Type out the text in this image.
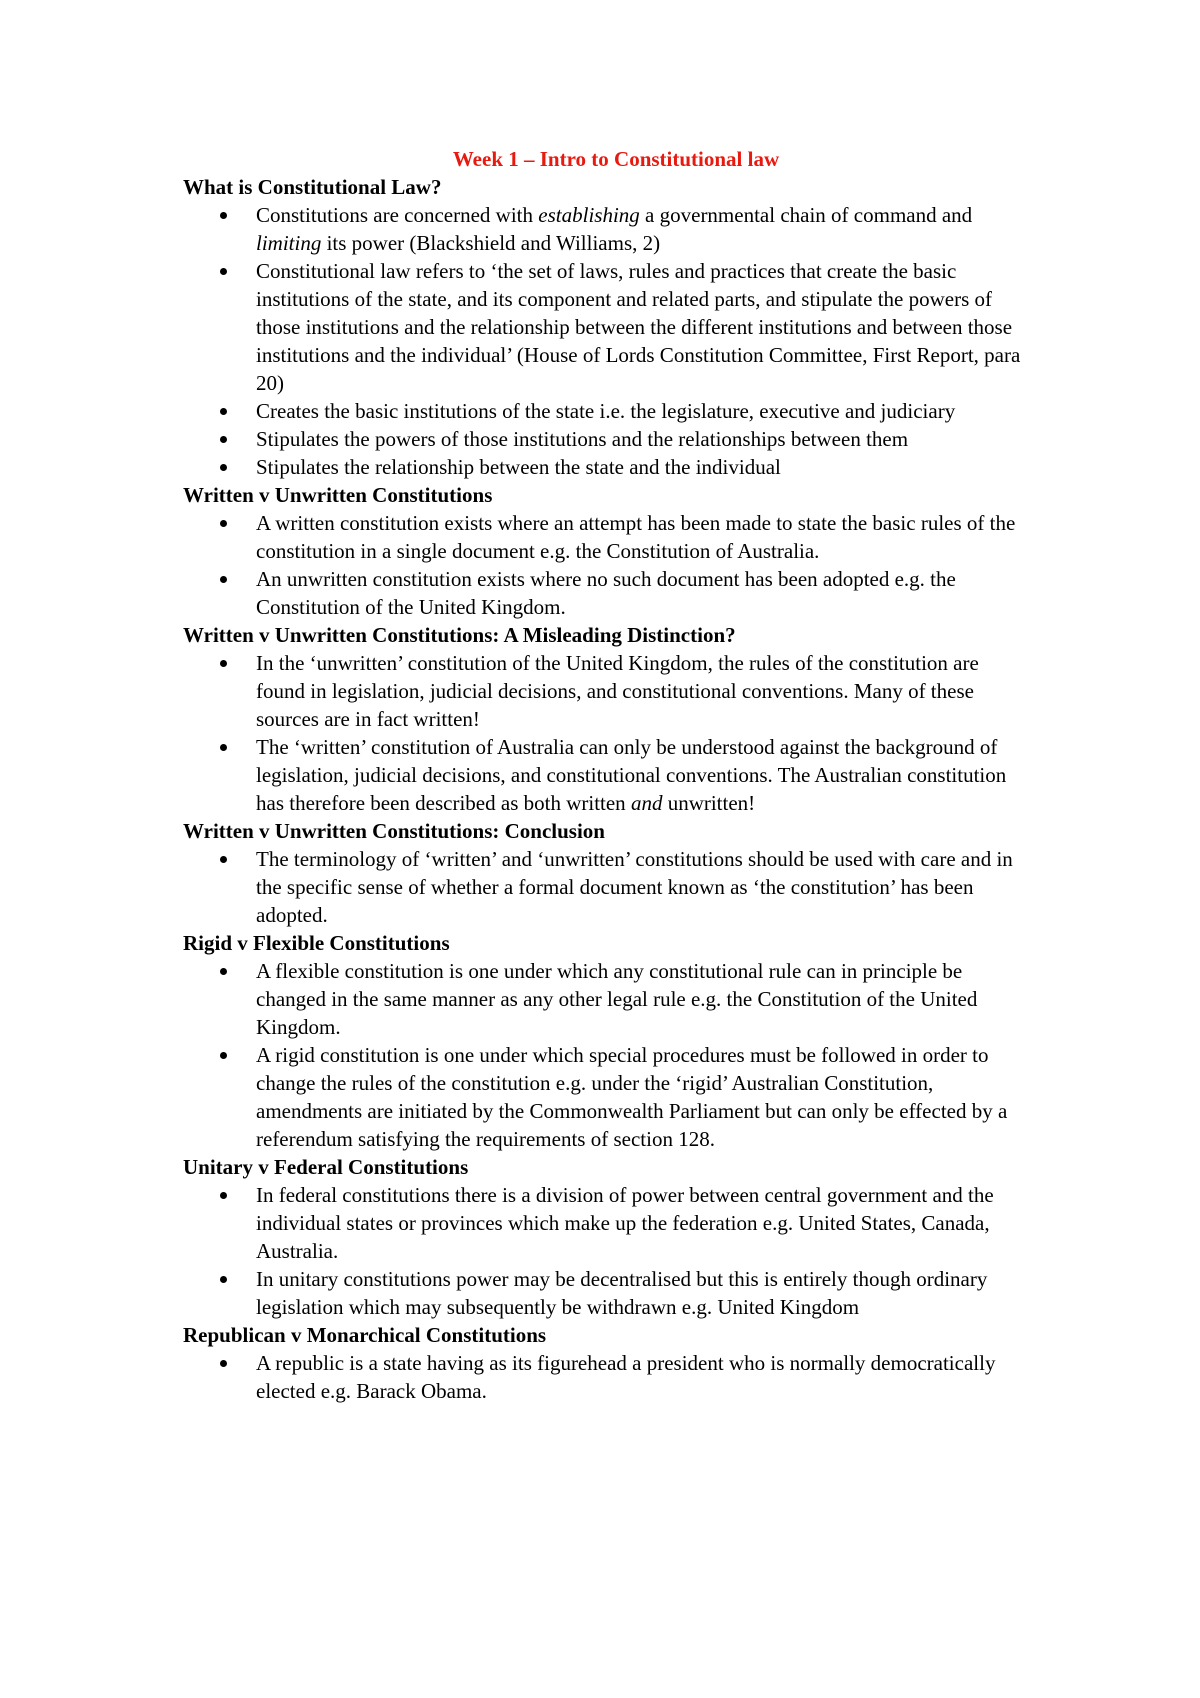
Week 1 – Intro to Constitutional law
What is Constitutional Law?
Constitutions are concerned with establishing a governmental chain of command and limiting its power (Blackshield and Williams, 2)
Constitutional law refers to ‘the set of laws, rules and practices that create the basic institutions of the state, and its component and related parts, and stipulate the powers of those institutions and the relationship between the different institutions and between those institutions and the individual’ (House of Lords Constitution Committee, First Report, para 20)
Creates the basic institutions of the state i.e. the legislature, executive and judiciary
Stipulates the powers of those institutions and the relationships between them
Stipulates the relationship between the state and the individual
Written v Unwritten Constitutions
A written constitution exists where an attempt has been made to state the basic rules of the constitution in a single document e.g. the Constitution of Australia.
An unwritten constitution exists where no such document has been adopted e.g. the Constitution of the United Kingdom.
Written v Unwritten Constitutions: A Misleading Distinction?
In the ‘unwritten’ constitution of the United Kingdom, the rules of the constitution are found in legislation, judicial decisions, and constitutional conventions. Many of these sources are in fact written!
The ‘written’ constitution of Australia can only be understood against the background of legislation, judicial decisions, and constitutional conventions. The Australian constitution has therefore been described as both written and unwritten!
Written v Unwritten Constitutions: Conclusion
The terminology of ‘written’ and ‘unwritten’ constitutions should be used with care and in the specific sense of whether a formal document known as ‘the constitution’ has been adopted.
Rigid v Flexible Constitutions
A flexible constitution is one under which any constitutional rule can in principle be changed in the same manner as any other legal rule e.g. the Constitution of the United Kingdom.
A rigid constitution is one under which special procedures must be followed in order to change the rules of the constitution e.g. under the ‘rigid’ Australian Constitution, amendments are initiated by the Commonwealth Parliament but can only be effected by a referendum satisfying the requirements of section 128.
Unitary v Federal Constitutions
In federal constitutions there is a division of power between central government and the individual states or provinces which make up the federation e.g. United States, Canada, Australia.
In unitary constitutions power may be decentralised but this is entirely though ordinary legislation which may subsequently be withdrawn e.g. United Kingdom
Republican v Monarchical Constitutions
A republic is a state having as its figurehead a president who is normally democratically elected e.g. Barack Obama.
